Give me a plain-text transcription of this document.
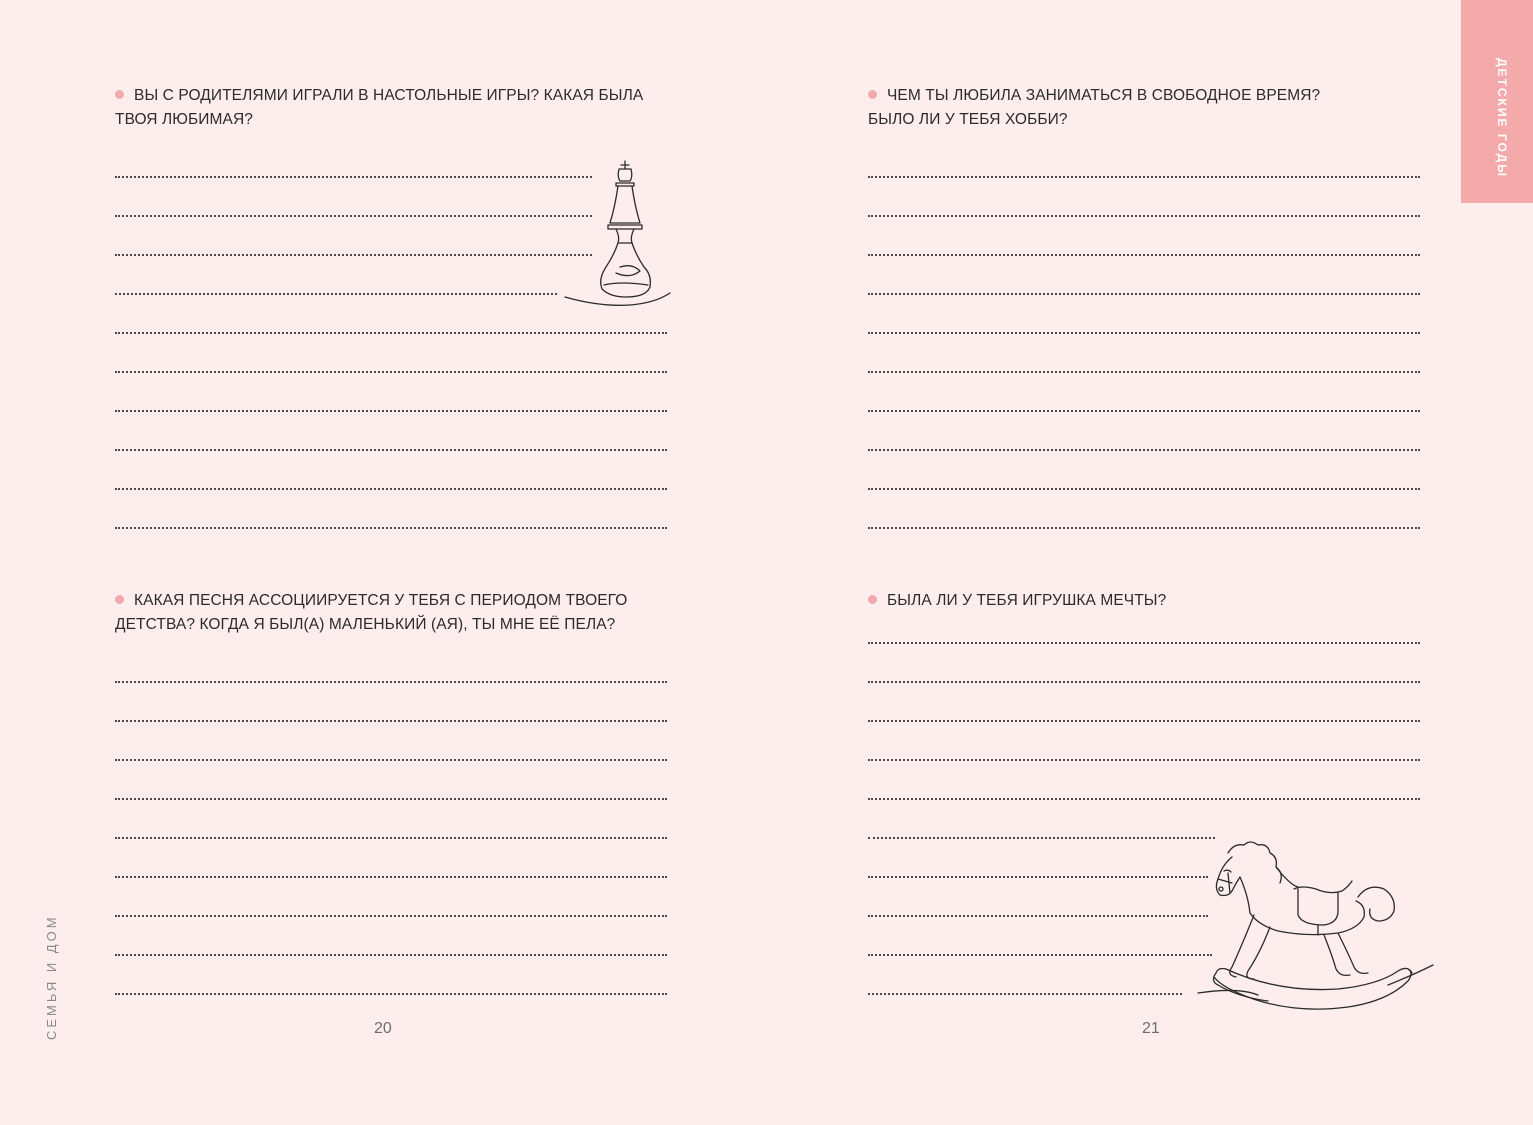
ВЫ С РОДИТЕЛЯМИ ИГРАЛИ В НАСТОЛЬНЫЕ ИГРЫ? КАКАЯ БЫЛА
ТВОЯ ЛЮБИМАЯ?

КАКАЯ ПЕСНЯ АССОЦИИРУЕТСЯ У ТЕБЯ С ПЕРИОДОМ ТВОЕГО
ДЕТСТВА? КОГДА Я БЫЛ(А) МАЛЕНЬКИЙ (АЯ), ТЫ МНЕ ЕЁ ПЕЛА?

20
СЕМЬЯ И ДОМ
ДЕТСКИЕ ГОДЫ

ЧЕМ ТЫ ЛЮБИЛА ЗАНИМАТЬСЯ В СВОБОДНОЕ ВРЕМЯ?
БЫЛО ЛИ У ТЕБЯ ХОББИ?

БЫЛА ЛИ У ТЕБЯ ИГРУШКА МЕЧТЫ?

21
